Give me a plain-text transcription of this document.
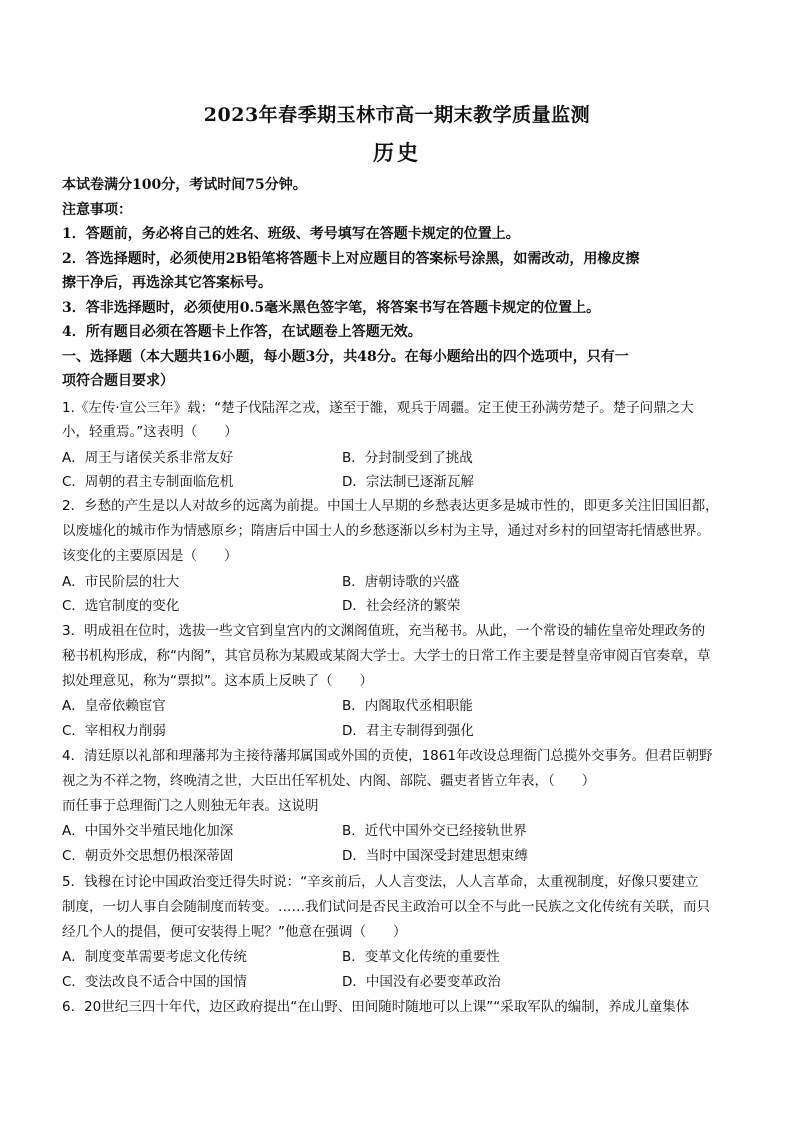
2023年春季期玉林市高一期末教学质量监测
历史
本试卷满分100分，考试时间75分钟。
注意事项：
1．答题前，务必将自己的姓名、班级、考号填写在答题卡规定的位置上。
2．答选择题时，必须使用2B铅笔将答题卡上对应题目的答案标号涂黑，如需改动，用橡皮擦
擦干净后，再选涂其它答案标号。
3．答非选择题时，必须使用0.5毫米黑色签字笔，将答案书写在答题卡规定的位置上。
4．所有题目必须在答题卡上作答，在试题卷上答题无效。
一、选择题（本大题共16小题，每小题3分，共48分。在每小题给出的四个选项中，只有一
项符合题目要求）
1.《左传·宣公三年》载：“楚子伐陆浑之戎，遂至于雒，观兵于周疆。定王使王孙满劳楚子。楚子问鼎之大
小，轻重焉。”这表明（　　）
A．周王与诸侯关系非常友好	B．分封制受到了挑战
C．周朝的君主专制面临危机	D．宗法制已逐渐瓦解
2．乡愁的产生是以人对故乡的远离为前提。中国士人早期的乡愁表达更多是城市性的，即更多关注旧国旧都，
以废墟化的城市作为情感原乡；隋唐后中国士人的乡愁逐渐以乡村为主导，通过对乡村的回望寄托情感世界。
该变化的主要原因是（　　）
A．市民阶层的壮大	B．唐朝诗歌的兴盛
C．选官制度的变化	D．社会经济的繁荣
3．明成祖在位时，选拔一些文官到皇宫内的文渊阁值班，充当秘书。从此，一个常设的辅佐皇帝处理政务的
秘书机构形成，称“内阁”，其官员称为某殿或某阁大学士。大学士的日常工作主要是替皇帝审阅百官奏章，草
拟处理意见，称为“票拟”。这本质上反映了（　　）
A．皇帝依赖宦官	B．内阁取代丞相职能
C．宰相权力削弱	D．君主专制得到强化
4．清廷原以礼部和理藩邦为主接待藩邦属国或外国的贡使，1861年改设总理衙门总揽外交事务。但君臣朝野
视之为不祥之物，终晚清之世，大臣出任军机处、内阁、部院、疆吏者皆立年表，（　　）
而任事于总理衙门之人则独无年表。这说明
A．中国外交半殖民地化加深	B．近代中国外交已经接轨世界
C．朝贡外交思想仍根深蒂固	D．当时中国深受封建思想束缚
5．钱穆在讨论中国政治变迁得失时说：“辛亥前后，人人言变法，人人言革命，太重视制度，好像只要建立
制度，一切人事自会随制度而转变。……我们试问是否民主政治可以全不与此一民族之文化传统有关联，而只
经几个人的提倡，便可安装得上呢？”他意在强调（　　）
A．制度变革需要考虑文化传统	B．变革文化传统的重要性
C．变法改良不适合中国的国情	D．中国没有必要变革政治
6．20世纪三四十年代，边区政府提出“在山野、田间随时随地可以上课”“采取军队的编制，养成儿童集体
